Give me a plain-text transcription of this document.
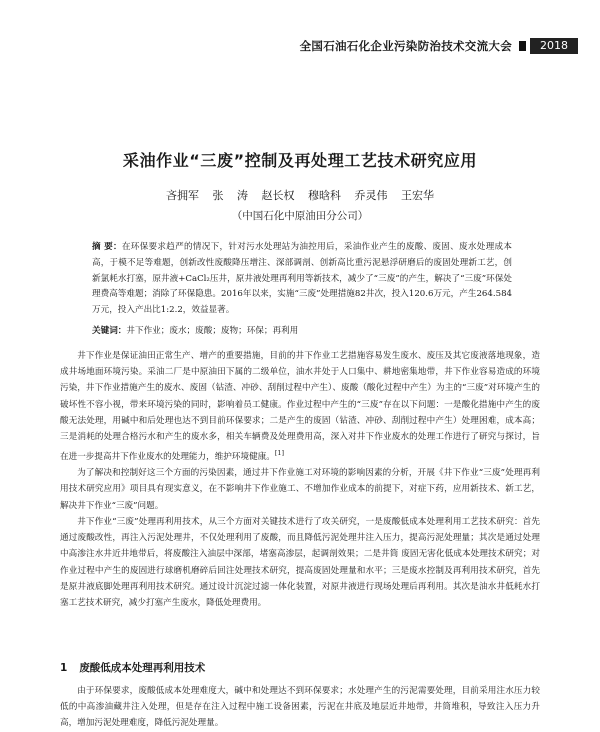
全国石油石化企业污染防治技术交流大会	2018
采油作业“三废”控制及再处理工艺技术研究应用
吝拥军 张 涛 赵长权 穆晗科 乔灵伟 王宏华
（中国石化中原油田分公司）
摘 要：在环保要求趋严的情况下，针对污水处理站为油控用后，采油作业产生的废酸、废固、废水处理成本高，于模不足等难题，创新改性废酸降压增注、深部调剖、创新高比重污泥悬浮研磨后的废固处理新工艺，创新氯耗水打塞，原井液+CaCl₂压井，原井液处理再利用等新技术，减少了“三废”的产生，解决了“三废”环保处理费高等难题；消除了环保隐患。2016年以来，实施“三废”处理措施82井次，投入120.6万元，产生264.584万元，投入产出比1:2.2，效益显著。
关键词：井下作业；废水；废酸；废物；环保；再利用

井下作业是保证油田正常生产、增产的重要措施，目前的井下作业工艺措施容易发生废水、废压及其它废液落地现象，造成井场地面环境污染。采油二厂是中原油田下属的二级单位，油水井处于人口集中、耕地密集地带，井下作业容易造成的环境污染，井下作业措施产生的废水、废固（钻渣、冲砂、刮削过程中产生）、废酸（酸化过程中产生）为主的“三废”对环境产生的破坏性不容小视，带来环境污染的同时，影响着员工健康。作业过程中产生的“三废”存在以下问题：一是酸化措施中产生的废酸无法处理，用碱中和后处理也达不到目前环保要求；二是产生的废固（钻渣、冲砂、刮削过程中产生）处理困难，成本高；三是消耗的处理合格污水和产生的废水多，相关车辆费及处理费用高，深入对井下作业废水的处理工作进行了研究与探讨，旨在进一步提高井下作业废水的处理能力，维护环境健康。[1]

为了解决和控制好这三个方面的污染因素，通过井下作业施工对环境的影响因素的分析，开展《井下作业“三废”处理再利用技术研究应用》项目具有现实意义，在不影响井下作业施工、不增加作业成本的前提下，对症下药，应用新技术、新工艺，解决井下作业“三废”问题。

井下作业“三废”处理再利用技术，从三个方面对关键技术进行了攻关研究，一是废酸低成本处理利用工艺技术研究：首先通过废酸改性，再注入污泥处理井，不仅处理利用了废酸，而且降低污泥处理井注入压力，提高污泥处理量；其次是通过处理中高渗注水井近井地带后，将废酸注入油层中深部，堵塞高渗层，起调剖效果；二是井筒 废固无害化低成本处理技术研究；对作业过程中产生的废固进行球磨机磨碎后回注处理技术研究，提高废固处理量和水平；三是废水控制及再利用技术研究，首先是原井液底脚处理再利用技术研究。通过设计沉淀过滤一体化装置，对原井液进行现场处理后再利用。其次是油水井低耗水打塞工艺技术研究，减少打塞产生废水，降低处理费用。

1 废酸低成本处理再利用技术

由于环保要求，废酸低成本处理难度大，碱中和处理达不到环保要求；水处理产生的污泥需要处理，目前采用注水压力较低的中高渗油藏井注入处理，但是存在注入过程中施工设备困素，污泥在井底及地层近井地带，井筒堆积，导致注入压力升高，增加污泥处理难度，降低污泥处理量。
